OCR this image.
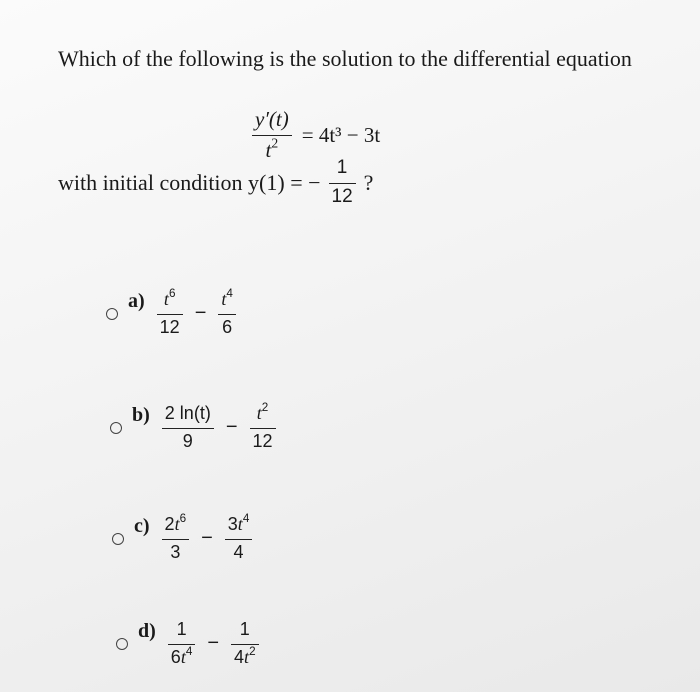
Which of the following is the solution to the differential equation
$\frac{y'(t)}{t^2} = 4t^3 - 3t$
with initial condition y(1) = − $\frac{1}{12}$ ?
$a) \frac{t^6}{12} - \frac{t^4}{6}$
$b) \frac{2 \ln(t)}{9} - \frac{t^2}{12}$
$c) \frac{2t^6}{3} - \frac{3t^4}{4}$
$d) \frac{1}{6t^4} - \frac{1}{4t^2}$
